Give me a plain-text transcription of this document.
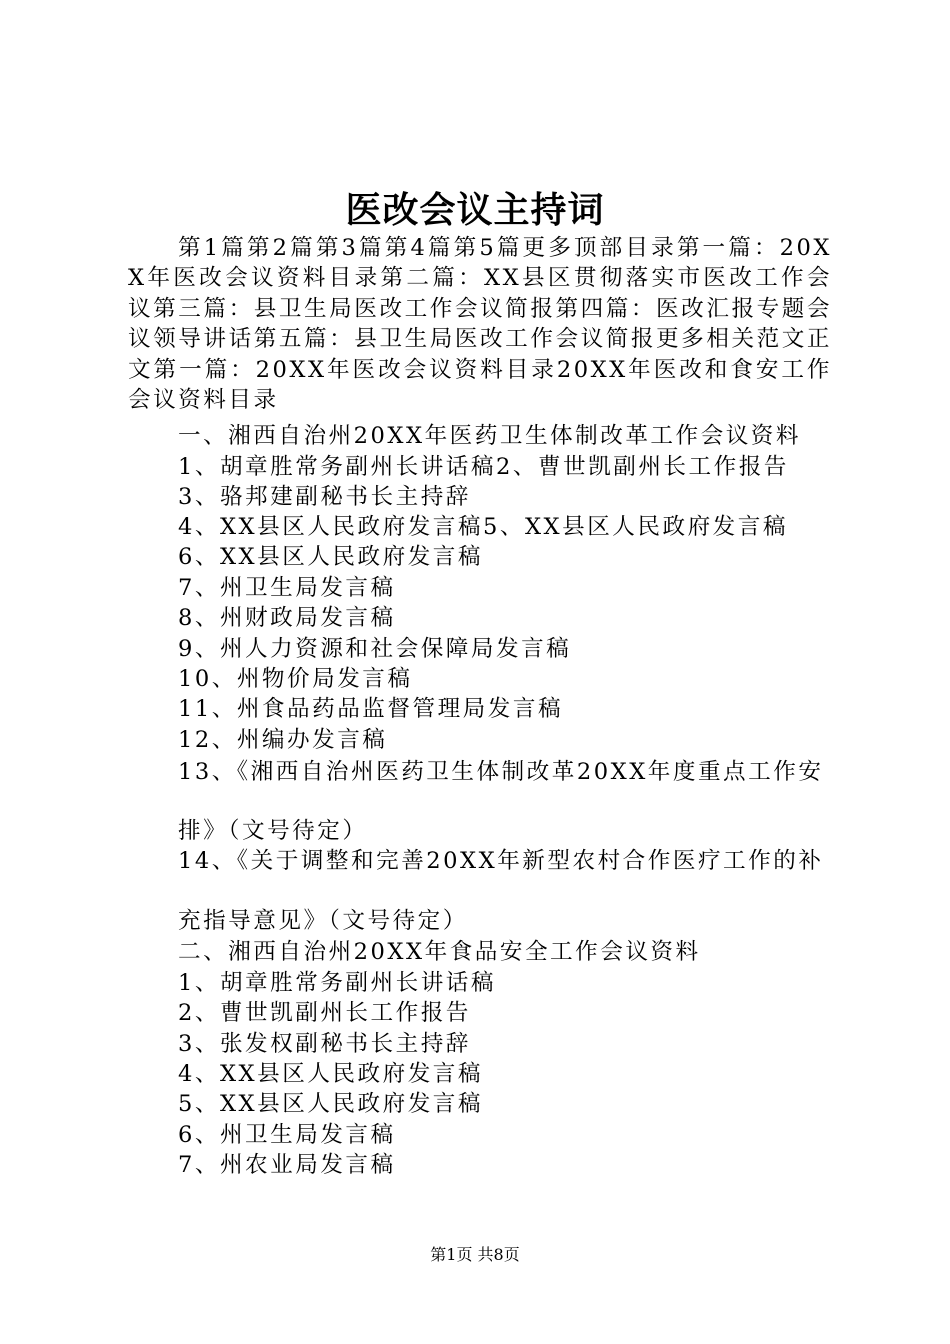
医改会议主持词

第1篇第2篇第3篇第4篇第5篇更多顶部目录第一篇：20XX年医改会议资料目录第二篇：XX县区贯彻落实市医改工作会议第三篇：县卫生局医改工作会议简报第四篇：医改汇报专题会议领导讲话第五篇：县卫生局医改工作会议简报更多相关范文正文第一篇：20XX年医改会议资料目录20XX年医改和食安工作会议资料目录

一、湘西自治州20XX年医药卫生体制改革工作会议资料

1、胡章胜常务副州长讲话稿2、曹世凯副州长工作报告

3、骆邦建副秘书长主持辞

4、XX县区人民政府发言稿5、XX县区人民政府发言稿

6、XX县区人民政府发言稿

7、州卫生局发言稿

8、州财政局发言稿

9、州人力资源和社会保障局发言稿

10、州物价局发言稿

11、州食品药品监督管理局发言稿

12、州编办发言稿

13、《湘西自治州医药卫生体制改革20XX年度重点工作安

排》（文号待定）

14、《关于调整和完善20XX年新型农村合作医疗工作的补

充指导意见》（文号待定）

二、湘西自治州20XX年食品安全工作会议资料

1、胡章胜常务副州长讲话稿

2、曹世凯副州长工作报告

3、张发权副秘书长主持辞

4、XX县区人民政府发言稿

5、XX县区人民政府发言稿

6、州卫生局发言稿

7、州农业局发言稿

第1页 共8页
